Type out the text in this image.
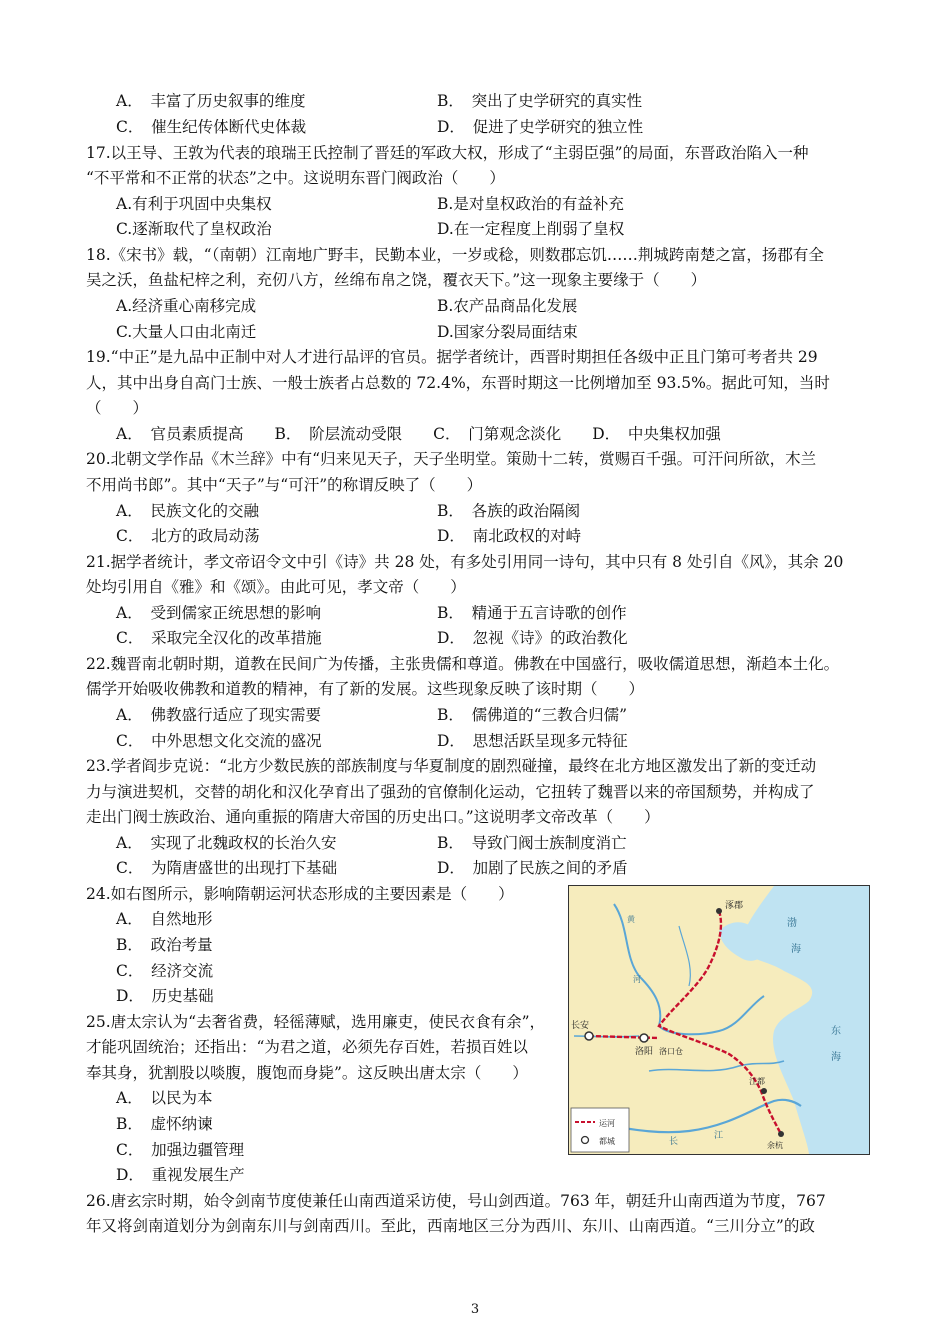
A．　丰富了历史叙事的维度	B．　突出了史学研究的真实性
C．　催生纪传体断代史体裁	D．　促进了史学研究的独立性
17.以王导、王敦为代表的琅瑞王氏控制了晋廷的军政大权，形成了“主弱臣强”的局面，东晋政治陷入一种
“不平常和不正常的状态”之中。这说明东晋门阀政治（　　）
A.有利于巩固中央集权	B.是对皇权政治的有益补充
C.逐渐取代了皇权政治	D.在一定程度上削弱了皇权
18.《宋书》载，“（南朝）江南地广野丰，民勤本业，一岁或稔，则数郡忘饥……荆城跨南楚之富，扬郡有全
吴之沃，鱼盐杞梓之利，充仞八方，丝绵布帛之饶，覆衣天下。”这一现象主要缘于（　　）
A.经济重心南移完成	B.农产品商品化发展
C.大量人口由北南迁	D.国家分裂局面结束
19.“中正”是九品中正制中对人才进行品评的官员。据学者统计，西晋时期担任各级中正且门第可考者共 29
人，其中出身自高门士族、一般士族者占总数的 72.4%，东晋时期这一比例增加至 93.5%。据此可知，当时
（　　）
A．　官员素质提高　　B．　阶层流动受限　　C．　门第观念淡化　　D．　中央集权加强
20.北朝文学作品《木兰辞》中有“归来见天子，天子坐明堂。策勋十二转，赏赐百千强。可汗问所欲，木兰
不用尚书郎”。其中“天子”与“可汗”的称谓反映了（　　）
A．　民族文化的交融	B．　各族的政治隔阂
C．　北方的政局动荡	D．　南北政权的对峙
21.据学者统计，孝文帝诏令文中引《诗》共 28 处，有多处引用同一诗句，其中只有 8 处引自《风》，其余 20
处均引用自《雅》和《颂》。由此可见，孝文帝（　　）
A．　受到儒家正统思想的影响	B．　精通于五言诗歌的创作
C．　采取完全汉化的改革措施	D．　忽视《诗》的政治教化
22.魏晋南北朝时期，道教在民间广为传播，主张贵儒和尊道。佛教在中国盛行，吸收儒道思想，渐趋本土化。
儒学开始吸收佛教和道教的精神，有了新的发展。这些现象反映了该时期（　　）
A．　佛教盛行适应了现实需要	B．　儒佛道的“三教合归儒”
C．　中外思想文化交流的盛况	D．　思想活跃呈现多元特征
23.学者阎步克说：“北方少数民族的部族制度与华夏制度的剧烈碰撞，最终在北方地区激发出了新的变迁动
力与演进契机，交替的胡化和汉化孕育出了强劲的官僚制化运动，它扭转了魏晋以来的帝国颓势，并构成了
走出门阀士族政治、通向重振的隋唐大帝国的历史出口。”这说明孝文帝改革（　　）
A．　实现了北魏政权的长治久安	B．　导致门阀士族制度消亡
C．　为隋唐盛世的出现打下基础	D．　加剧了民族之间的矛盾
24.如右图所示，影响隋朝运河状态形成的主要因素是（　　）
A．　自然地形
B．　政治考量
C．　经济交流
D．　历史基础
25.唐太宗认为“去奢省费，轻徭薄赋，选用廉吏，使民衣食有余”，
才能巩固统治；还指出：“为君之道，必须先存百姓，若损百姓以
奉其身，犹割股以啖腹，腹饱而身毙”。这反映出唐太宗（　　）
A．　以民为本
B．　虚怀纳谏
C．　加强边疆管理
D．　重视发展生产
26.唐玄宗时期，始令剑南节度使兼任山南西道采访使，号山剑西道。763 年，朝廷升山南西道为节度，767
年又将剑南道划分为剑南东川与剑南西川。至此，西南地区三分为西川、东川、山南西道。“三川分立”的政
涿郡
长安
洛阳 洛口仓
江都
余杭
渤
海
东
海
黄
河
长
江
运河
都城
3
